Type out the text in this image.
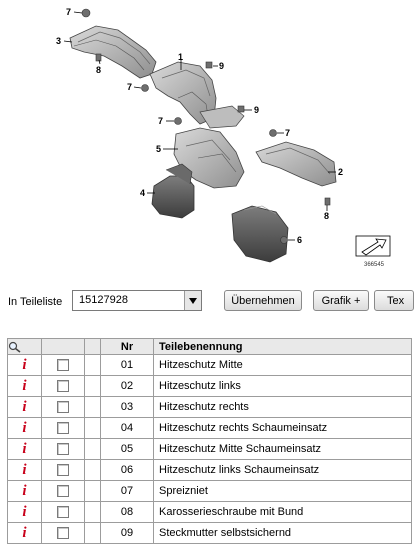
7
3
8
1
9
7
9
7
7
5
2
4
8
6
366545
In Teileliste 15127928	Übernehmen	Grafik +	Tex
			Nr	Teilebenennung
i			01	Hitzeschutz Mitte
i			02	Hitzeschutz links
i			03	Hitzeschutz rechts
i			04	Hitzeschutz rechts Schaumeinsatz
i			05	Hitzeschutz Mitte Schaumeinsatz
i			06	Hitzeschutz links Schaumeinsatz
i			07	Spreizniet
i			08	Karosserieschraube mit Bund
i			09	Steckmutter selbstsichernd
